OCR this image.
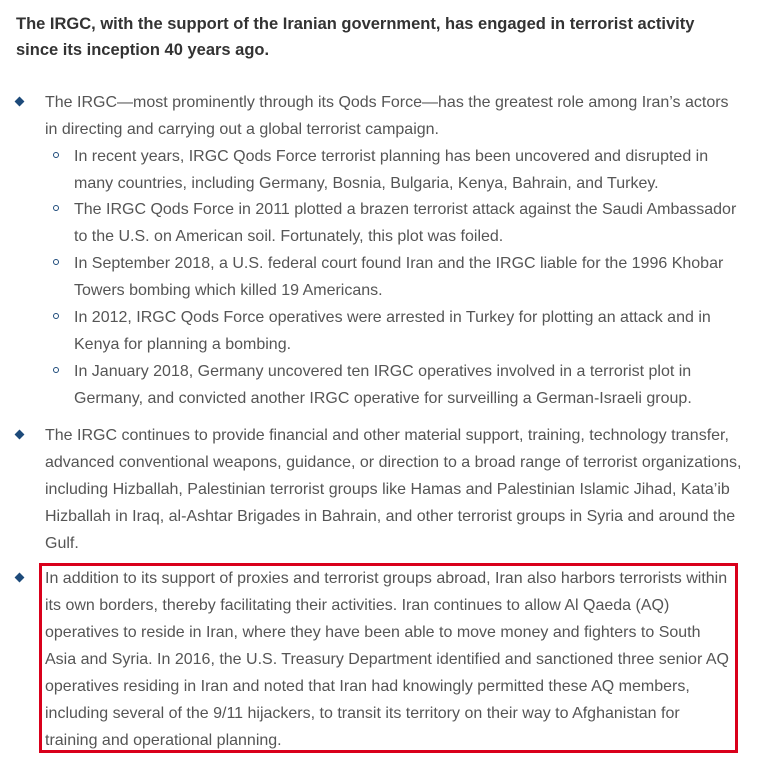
The IRGC, with the support of the Iranian government, has engaged in terrorist activity since its inception 40 years ago.

The IRGC—most prominently through its Qods Force—has the greatest role among Iran’s actors in directing and carrying out a global terrorist campaign.

In recent years, IRGC Qods Force terrorist planning has been uncovered and disrupted in many countries, including Germany, Bosnia, Bulgaria, Kenya, Bahrain, and Turkey.

The IRGC Qods Force in 2011 plotted a brazen terrorist attack against the Saudi Ambassador to the U.S. on American soil. Fortunately, this plot was foiled.

In September 2018, a U.S. federal court found Iran and the IRGC liable for the 1996 Khobar Towers bombing which killed 19 Americans.

In 2012, IRGC Qods Force operatives were arrested in Turkey for plotting an attack and in Kenya for planning a bombing.

In January 2018, Germany uncovered ten IRGC operatives involved in a terrorist plot in Germany, and convicted another IRGC operative for surveilling a German-Israeli group.

The IRGC continues to provide financial and other material support, training, technology transfer, advanced conventional weapons, guidance, or direction to a broad range of terrorist organizations, including Hizballah, Palestinian terrorist groups like Hamas and Palestinian Islamic Jihad, Kata’ib Hizballah in Iraq, al-Ashtar Brigades in Bahrain, and other terrorist groups in Syria and around the Gulf.

In addition to its support of proxies and terrorist groups abroad, Iran also harbors terrorists within its own borders, thereby facilitating their activities. Iran continues to allow Al Qaeda (AQ) operatives to reside in Iran, where they have been able to move money and fighters to South Asia and Syria. In 2016, the U.S. Treasury Department identified and sanctioned three senior AQ operatives residing in Iran and noted that Iran had knowingly permitted these AQ members, including several of the 9/11 hijackers, to transit its territory on their way to Afghanistan for training and operational planning.
